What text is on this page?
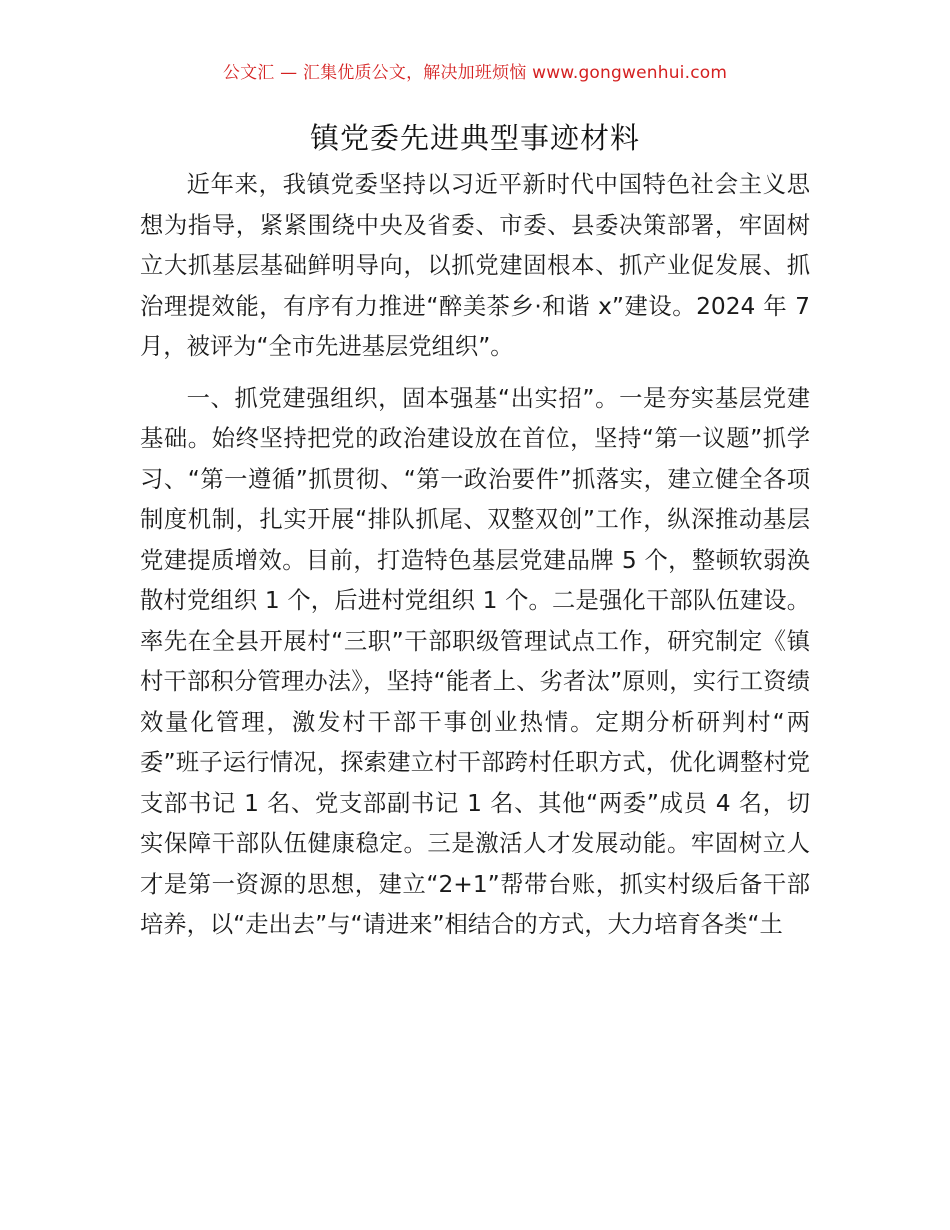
公文汇 — 汇集优质公文，解决加班烦恼 www.gongwenhui.com
镇党委先进典型事迹材料

近年来，我镇党委坚持以习近平新时代中国特色社会主义思想为指导，紧紧围绕中央及省委、市委、县委决策部署，牢固树立大抓基层基础鲜明导向，以抓党建固根本、抓产业促发展、抓治理提效能，有序有力推进“醉美茶乡·和谐 x”建设。2024 年 7 月，被评为“全市先进基层党组织”。

一、抓党建强组织，固本强基“出实招”。一是夯实基层党建基础。始终坚持把党的政治建设放在首位，坚持“第一议题”抓学习、“第一遵循”抓贯彻、“第一政治要件”抓落实，建立健全各项制度机制，扎实开展“排队抓尾、双整双创”工作，纵深推动基层党建提质增效。目前，打造特色基层党建品牌 5 个，整顿软弱涣散村党组织 1 个，后进村党组织 1 个。二是强化干部队伍建设。率先在全县开展村“三职”干部职级管理试点工作，研究制定《镇村干部积分管理办法》，坚持“能者上、劣者汰”原则，实行工资绩效量化管理，激发村干部干事创业热情。定期分析研判村“两委”班子运行情况，探索建立村干部跨村任职方式，优化调整村党支部书记 1 名、党支部副书记 1 名、其他“两委”成员 4 名，切实保障干部队伍健康稳定。三是激活人才发展动能。牢固树立人才是第一资源的思想，建立“2+1”帮带台账，抓实村级后备干部培养，以“走出去”与“请进来”相结合的方式，大力培育各类“土
